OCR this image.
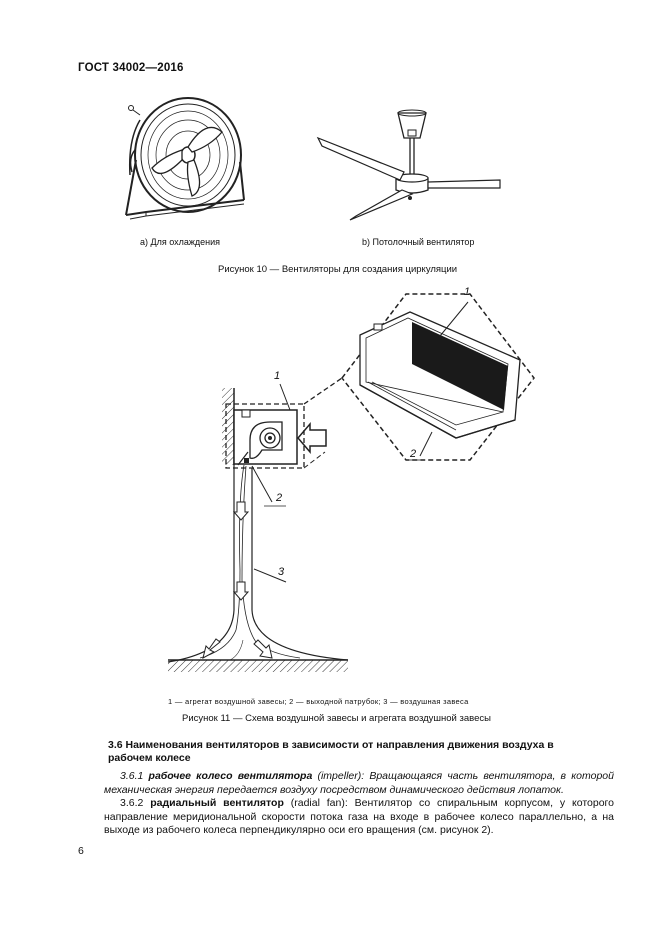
ГОСТ 34002—2016
a) Для охлаждения	b) Потолочный вентилятор
Рисунок 10 — Вентиляторы для создания циркуляции
1
2
1
2
3
1 — агрегат воздушной завесы; 2 — выходной патрубок; 3 — воздушная завеса
Рисунок 11 — Схема воздушной завесы и агрегата воздушной завесы
3.6 Наименования вентиляторов в зависимости от направления движения воздуха в рабочем колесе
3.6.1 рабочее колесо вентилятора (impeller): Вращающаяся часть вентилятора, в которой механическая энергия передается воздуху посредством динамического действия лопаток.
3.6.2 радиальный вентилятор (radial fan): Вентилятор со спиральным корпусом, у которого направление меридиональной скорости потока газа на входе в рабочее колесо параллельно, а на выходе из рабочего колеса перпендикулярно оси его вращения (см. рисунок 2).
6
